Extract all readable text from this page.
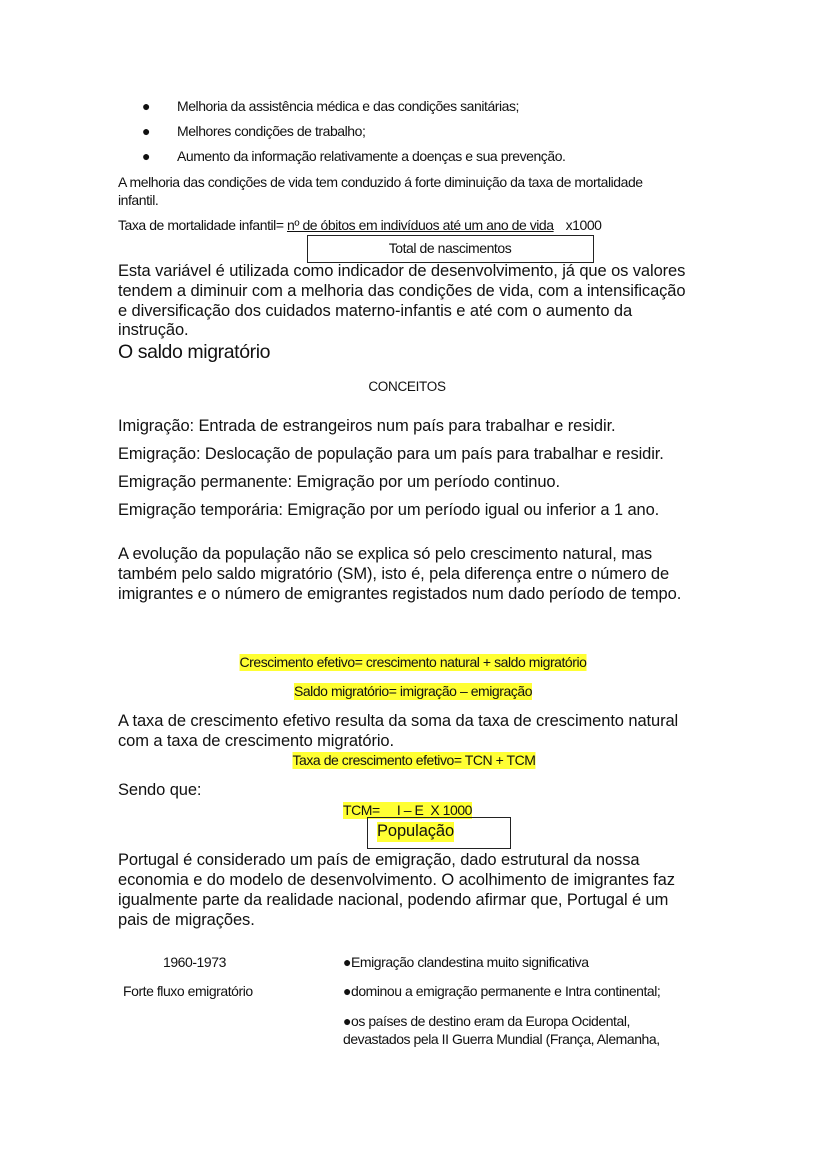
● Melhoria da assistência médica e das condições sanitárias;
● Melhores condições de trabalho;
● Aumento da informação relativamente a doenças e sua prevenção.
A melhoria das condições de vida tem conduzido á forte diminuição da taxa de mortalidade
infantil.
Taxa de mortalidade infantil= nº de óbitos em indivíduos até um ano de vida x1000
Total de nascimentos
Esta variável é utilizada como indicador de desenvolvimento, já que os valores
tendem a diminuir com a melhoria das condições de vida, com a intensificação
e diversificação dos cuidados materno-infantis e até com o aumento da
instrução.
O saldo migratório
CONCEITOS
Imigração: Entrada de estrangeiros num país para trabalhar e residir.
Emigração: Deslocação de população para um país para trabalhar e residir.
Emigração permanente: Emigração por um período continuo.
Emigração temporária: Emigração por um período igual ou inferior a 1 ano.
A evolução da população não se explica só pelo crescimento natural, mas
também pelo saldo migratório (SM), isto é, pela diferença entre o número de
imigrantes e o número de emigrantes registados num dado período de tempo.
Crescimento efetivo= crescimento natural + saldo migratório
Saldo migratório= imigração – emigração
A taxa de crescimento efetivo resulta da soma da taxa de crescimento natural
com a taxa de crescimento migratório.
Taxa de crescimento efetivo= TCN + TCM
Sendo que:
TCM=     I – E  X 1000
População
Portugal é considerado um país de emigração, dado estrutural da nossa
economia e do modelo de desenvolvimento. O acolhimento de imigrantes faz
igualmente parte da realidade nacional, podendo afirmar que, Portugal é um
pais de migrações.
1960-1973
Forte fluxo emigratório
●Emigração clandestina muito significativa
●dominou a emigração permanente e Intra continental;
●os países de destino eram da Europa Ocidental,
devastados pela II Guerra Mundial (França, Alemanha,
